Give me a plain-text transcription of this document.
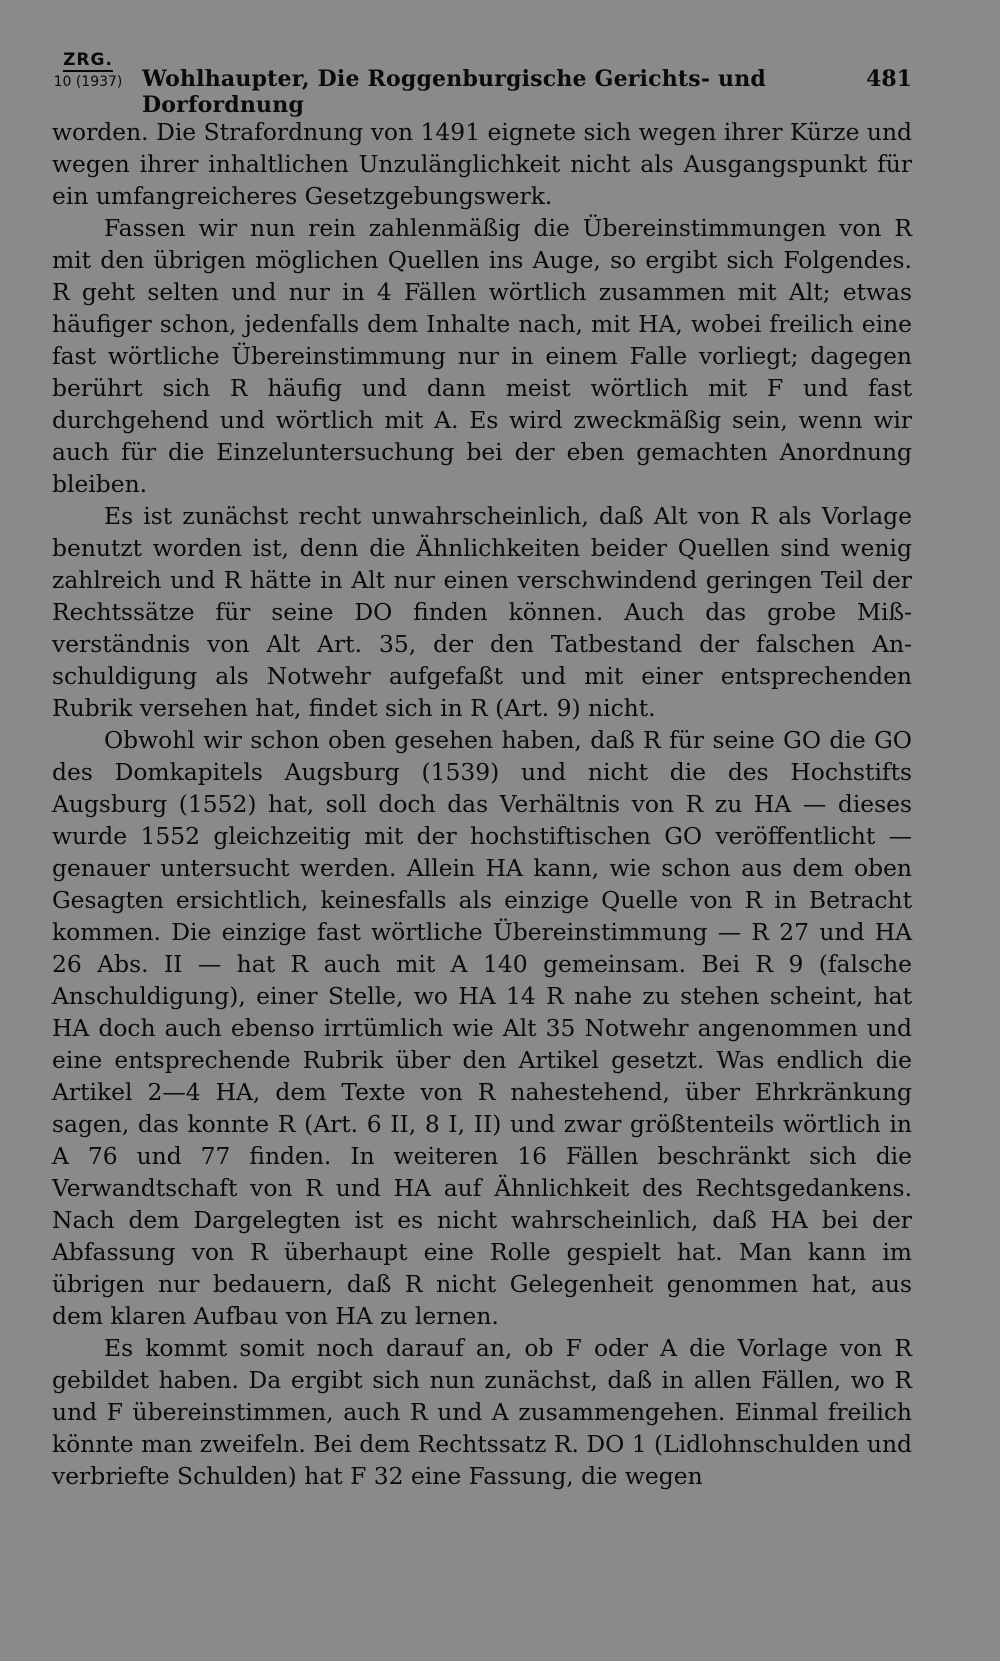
ZRG.
10 (1937) Wohlhaupter, Die Roggenburgische Gerichts- und Dorfordnung
481

worden. Die Strafordnung von 1491 eignete sich wegen ihrer Kürze und wegen ihrer inhaltlichen Unzulänglichkeit nicht als Ausgangspunkt für ein umfangreicheres Gesetzgebungswerk.

Fassen wir nun rein zahlenmäßig die Übereinstimmungen von R mit den übrigen möglichen Quellen ins Auge, so ergibt sich Folgendes. R geht selten und nur in 4 Fällen wörtlich zusammen mit Alt; etwas häufiger schon, jedenfalls dem Inhalte nach, mit HA, wobei freilich eine fast wörtliche Übereinstimmung nur in einem Falle vorliegt; dagegen berührt sich R häufig und dann meist wörtlich mit F und fast durchgehend und wörtlich mit A. Es wird zweckmäßig sein, wenn wir auch für die Einzeluntersuchung bei der eben gemachten Anordnung bleiben.

Es ist zunächst recht unwahrscheinlich, daß Alt von R als Vorlage benutzt worden ist, denn die Ähnlichkeiten beider Quellen sind wenig zahlreich und R hätte in Alt nur einen verschwindend geringen Teil der Rechtssätze für seine DO finden können. Auch das grobe Mißverständnis von Alt Art. 35, der den Tatbestand der falschen Anschuldigung als Notwehr aufgefaßt und mit einer entsprechenden Rubrik versehen hat, findet sich in R (Art. 9) nicht.

Obwohl wir schon oben gesehen haben, daß R für seine GO die GO des Domkapitels Augsburg (1539) und nicht die des Hochstifts Augsburg (1552) hat, soll doch das Verhältnis von R zu HA — dieses wurde 1552 gleichzeitig mit der hochstiftischen GO veröffentlicht — genauer untersucht werden. Allein HA kann, wie schon aus dem oben Gesagten ersichtlich, keinesfalls als einzige Quelle von R in Betracht kommen. Die einzige fast wörtliche Übereinstimmung — R 27 und HA 26 Abs. II — hat R auch mit A 140 gemeinsam. Bei R 9 (falsche Anschuldigung), einer Stelle, wo HA 14 R nahe zu stehen scheint, hat HA doch auch ebenso irrtümlich wie Alt 35 Notwehr angenommen und eine entsprechende Rubrik über den Artikel gesetzt. Was endlich die Artikel 2—4 HA, dem Texte von R nahestehend, über Ehrkränkung sagen, das konnte R (Art. 6 II, 8 I, II) und zwar größtenteils wörtlich in A 76 und 77 finden. In weiteren 16 Fällen beschränkt sich die Verwandtschaft von R und HA auf Ähnlichkeit des Rechtsgedankens. Nach dem Dargelegten ist es nicht wahrscheinlich, daß HA bei der Abfassung von R überhaupt eine Rolle gespielt hat. Man kann im übrigen nur bedauern, daß R nicht Gelegenheit genommen hat, aus dem klaren Aufbau von HA zu lernen.

Es kommt somit noch darauf an, ob F oder A die Vorlage von R gebildet haben. Da ergibt sich nun zunächst, daß in allen Fällen, wo R und F übereinstimmen, auch R und A zusammengehen. Einmal freilich könnte man zweifeln. Bei dem Rechtssatz R. DO 1 (Lidlohnschulden und verbriefte Schulden) hat F 32 eine Fassung, die wegen
